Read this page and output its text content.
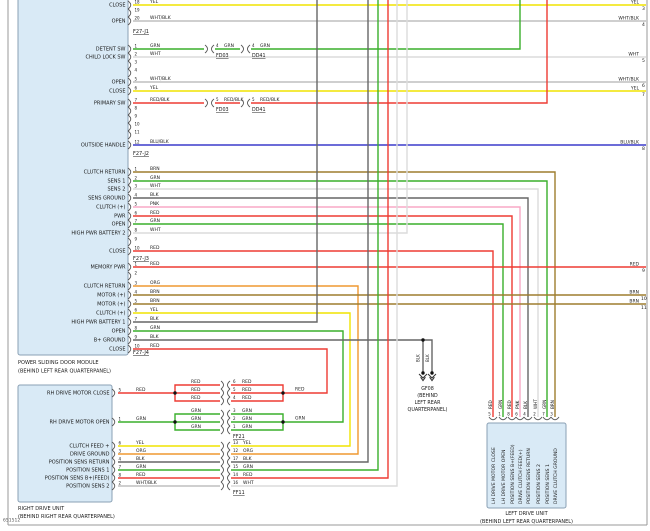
POWER SLIDING DOOR MODULE
(BEHIND LEFT REAR QUARTERPANEL)
18
CLOSE
YEL
19
20
OPEN
WHT/BLK
F27-J1
1
DETENT SW
GRN
2
CHILD LOCK SW
WHT
3
4
5
OPEN
WHT/BLK
6
CLOSE
YEL
7
PRIMARY SW
RED/BLK
8
9
10
11
12
OUTSIDE HANDLE
BLU/BLK
F27-J2
1
CLUTCH RETURN
BRN
2
SENS 1
GRN
3
SENS 2
WHT
4
SENS GROUND
BLK
5
CLUTCH (+)
PNK
6
PWR
RED
7
OPEN
GRN
8
HIGH PWR BATTERY 2
WHT
9
10
CLOSE
RED
F27-J3
1
MEMORY PWR
RED
2
3
CLUTCH RETURN
ORG
4
MOTOR (+)
BRN
5
MOTOR (+)
BRN
6
CLUTCH (+)
YEL
7
HIGH PWR BATTERY 1
BLK
8
OPEN
GRN
9
B+ GROUND
BLK
10
CLOSE
RED
F27-J4
RIGHT DRIVE UNIT
(BEHIND RIGHT REAR QUARTERPANEL)
5
RH DRIVE MOTOR CLOSE
RED
1
RH DRIVE MOTOR OPEN
GRN
6
CLUTCH FEED +
YEL
3
DRIVE GROUND
ORG
4
POSITION SENS RETURN
BLK
7
POSITION SENS 1
GRN
8
POSITION SENS B+(FEED)
RED
2
POSITION SENS 2
WHT/BLK
4 GRN
FD03
5 RED/BLK
FD03
4 GRN
DD41
5 RED/BLK
DD41
6 RED
5 RED
4 RED
3 GRN
2 GRN
1 GRN
FF21
13 YEL
12 ORG
17 BLK
15 GRN
14 RED
16 WHT
FF11
LEFT DRIVE UNIT
(BEHIND LEFT REAR QUARTERPANEL)
5
RED
LH DRIVE MOTOR CLOSE
1
GRN
LH DRIVE MOTOR OPEN
8
RED
POSITION SENS B+(FEED)
6
PNK
DRIVE CLUTCH FEED(+)
4
BLK
POSITION SENS RETURN
2
WHT
POSITION SENS 2
7
GRN
POSITION SENS 1
3
BRN
DRIVE CLUTCH GROUND
BLK BLK
GF08
(BEHIND
LEFT REAR
QUARTERPANEL)
YEL
3
WHT/BLK
4
WHT
5
WHT/BLK
6
YEL
7
BLU/BLK
8
RED
9
BRN
10
BRN
11
RED
RED
RED
GRN
GRN
GRN
RED
GRN
651512
